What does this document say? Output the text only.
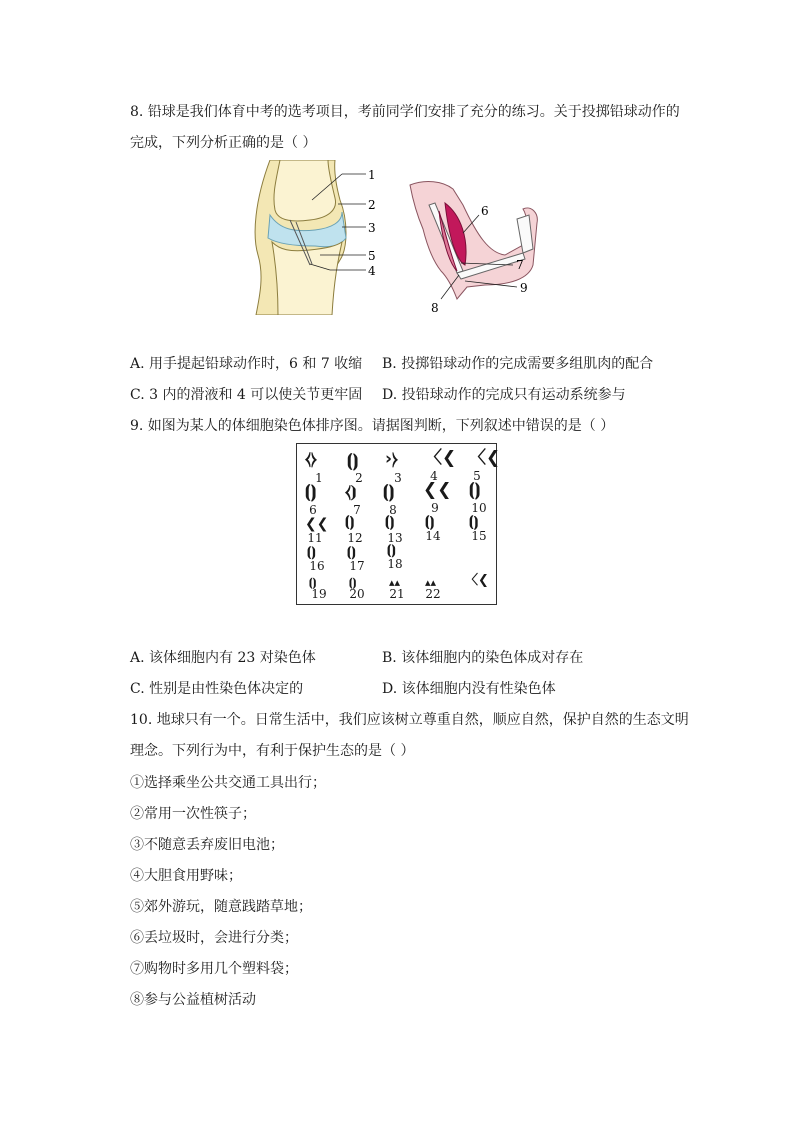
8. 铅球是我们体育中考的选考项目，考前同学们安排了充分的练习。关于投掷铅球动作的
完成，下列分析正确的是（ ）
1
2
3
5
4
6
7
9
8
A. 用手提起铅球动作时，6 和 7 收缩 B. 投掷铅球动作的完成需要多组肌肉的配合
C. 3 内的滑液和 4 可以使关节更牢固 D. 投铅球动作的完成只有运动系统参与
9. 如图为某人的体细胞染色体排序图。请据图判断，下列叙述中错误的是（ ）
⧼⧽ ⦗⦘ ›⧽ 〈❮ 〈❮
1	2	3	4	5
⦗⦘ ⧼⦘ ⦗⦘ ❮❮ ⦗⦘
6	7	8	9	10
❮❮ ⦗⦘ ⦗⦘ ⦗⦘ ⦗⦘
11	12	13	14	15
⦗⦘ ⦗⦘ ⦗⦘
16	17	18
⦗⦘	⦗⦘	▴▴ ▴▴ 〈❮
19	20	21	22
A. 该体细胞内有 23 对染色体	B. 该体细胞内的染色体成对存在
C. 性别是由性染色体决定的	D. 该体细胞内没有性染色体
10. 地球只有一个。日常生活中，我们应该树立尊重自然，顺应自然，保护自然的生态文明
理念。下列行为中，有利于保护生态的是（ ）
①选择乘坐公共交通工具出行；
②常用一次性筷子；
③不随意丢弃废旧电池；
④大胆食用野味；
⑤郊外游玩，随意践踏草地；
⑥丢垃圾时，会进行分类；
⑦购物时多用几个塑料袋；
⑧参与公益植树活动
